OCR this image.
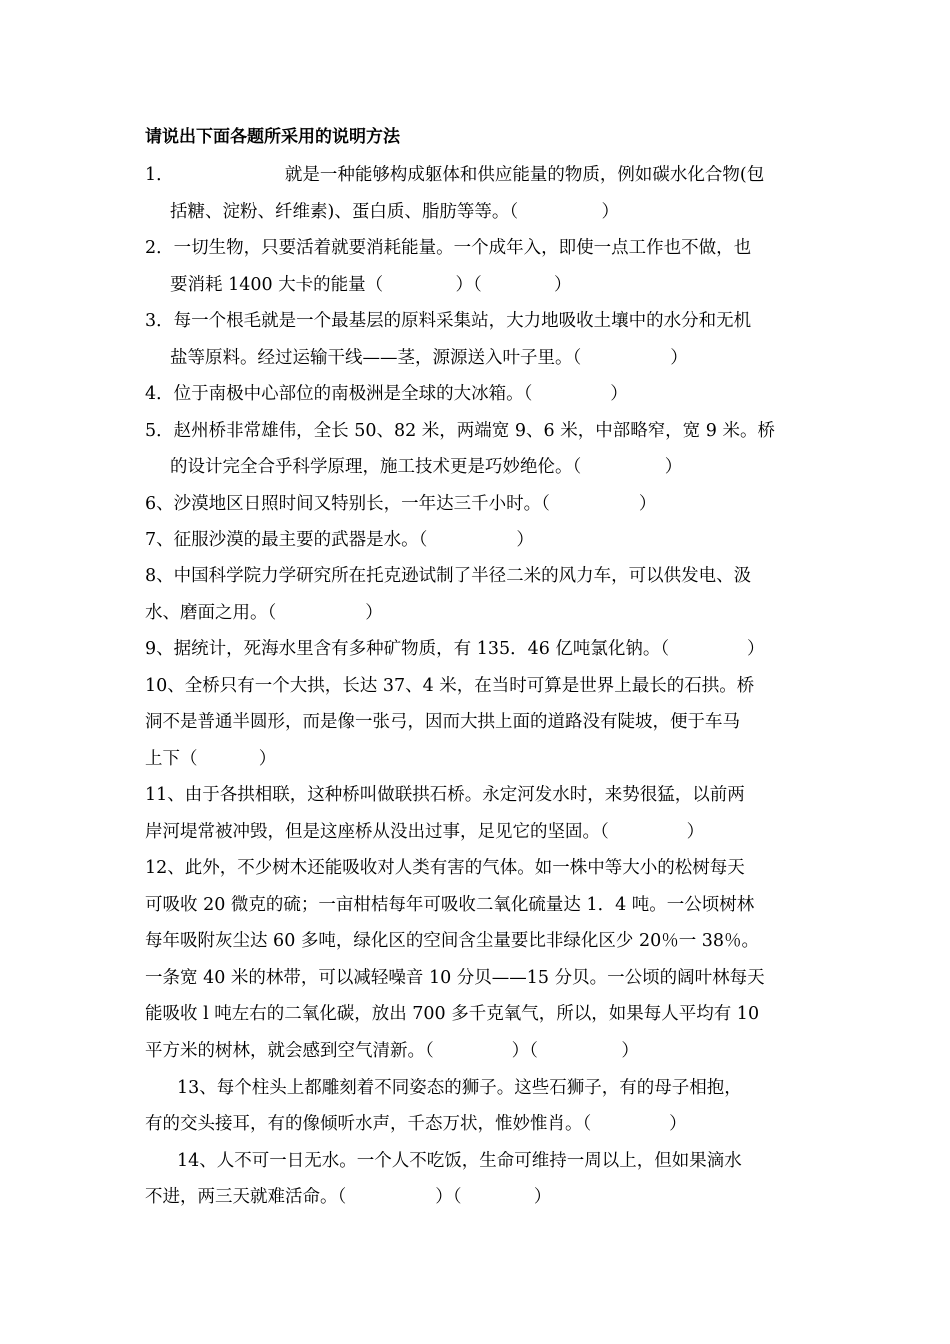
请说出下面各题所采用的说明方法
1．                    就是一种能够构成躯体和供应能量的物质，例如碳水化合物(包
括糖、淀粉、纤维素)、蛋白质、脂肪等等。（               ）
2．一切生物，只要活着就要消耗能量。一个成年入，即使一点工作也不做，也
要消耗 1400 大卡的能量（             ）（             ）
3．每一个根毛就是一个最基层的原料采集站，大力地吸收土壤中的水分和无机
盐等原料。经过运输干线——茎，源源送入叶子里。（                ）
4．位于南极中心部位的南极洲是全球的大冰箱。（              ）
5．赵州桥非常雄伟，全长 50、82 米，两端宽 9、6 米，中部略窄，宽 9 米。桥
的设计完全合乎科学原理，施工技术更是巧妙绝伦。（               ）
6、沙漠地区日照时间又特别长，一年达三千小时。（                ）
7、征服沙漠的最主要的武器是水。（                ）
8、中国科学院力学研究所在托克逊试制了半径二米的风力车，可以供发电、汲
水、磨面之用。（                ）
9、据统计，死海水里含有多种矿物质，有 135．46 亿吨氯化钠。（              ）
10、全桥只有一个大拱，长达 37、4 米，在当时可算是世界上最长的石拱。桥
洞不是普通半圆形，而是像一张弓，因而大拱上面的道路没有陡坡，便于车马
上下（           ）
11、由于各拱相联，这种桥叫做联拱石桥。永定河发水时，来势很猛，以前两
岸河堤常被冲毁，但是这座桥从没出过事，足见它的坚固。（              ）
12、此外，不少树木还能吸收对人类有害的气体。如一株中等大小的松树每天
可吸收 20 微克的硫；一亩柑桔每年可吸收二氧化硫量达 1．4 吨。一公顷树林
每年吸附灰尘达 60 多吨，绿化区的空间含尘量要比非绿化区少 20％一 38％。
一条宽 40 米的林带，可以减轻噪音 10 分贝——15 分贝。一公顷的阔叶林每天
能吸收 l 吨左右的二氧化碳，放出 700 多千克氧气，所以，如果每人平均有 10
平方米的树林，就会感到空气清新。（              ）（               ）
13、每个柱头上都雕刻着不同姿态的狮子。这些石狮子，有的母子相抱，
有的交头接耳，有的像倾听水声，千态万状，惟妙惟肖。（              ）
14、人不可一日无水。一个人不吃饭，生命可维持一周以上，但如果滴水
不进，两三天就难活命。（                ）（             ）
